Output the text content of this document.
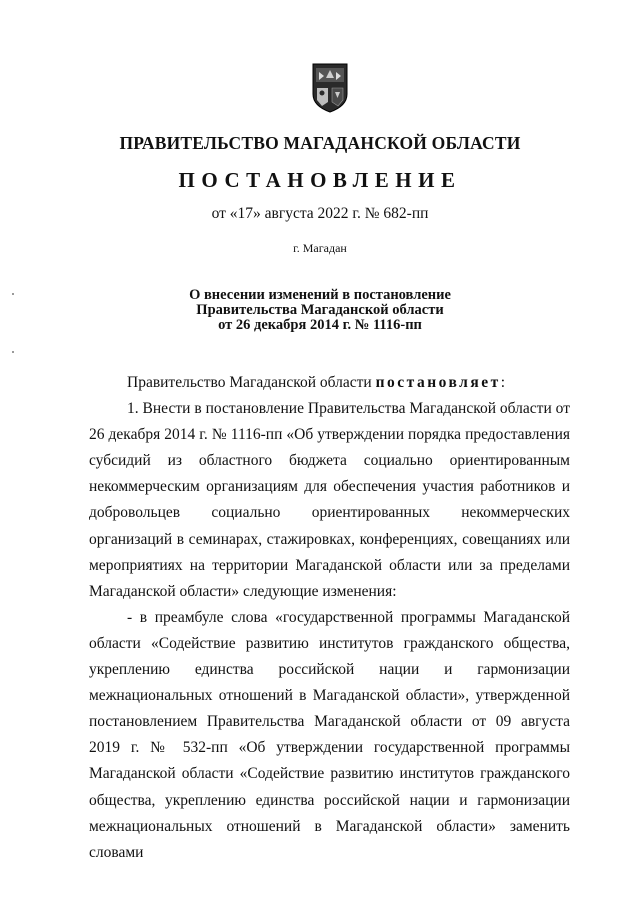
ПРАВИТЕЛЬСТВО МАГАДАНСКОЙ ОБЛАСТИ
ПОСТАНОВЛЕНИЕ
от «17» августа 2022 г. № 682-пп
г. Магадан
О внесении изменений в постановление
Правительства Магаданской области
от 26 декабря 2014 г. № 1116-пп

Правительство Магаданской области постановляет:

1. Внести в постановление Правительства Магаданской области от 26 декабря 2014 г. № 1116-пп «Об утверждении порядка предоставления субсидий из областного бюджета социально ориентированным некоммерческим организациям для обеспечения участия работников и добровольцев социально ориентированных некоммерческих организаций в семинарах, стажировках, конференциях, совещаниях или мероприятиях на территории Магаданской области или за пределами Магаданской области» следующие изменения:

- в преамбуле слова «государственной программы Магаданской области «Содействие развитию институтов гражданского общества, укреплению единства российской нации и гармонизации межнациональных отношений в Магаданской области», утвержденной постановлением Правительства Магаданской области от 09 августа 2019 г. № 532-пп «Об утверждении государственной программы Магаданской области «Содействие развитию институтов гражданского общества, укреплению единства российской нации и гармонизации межнациональных отношений в Магаданской области» заменить словами
